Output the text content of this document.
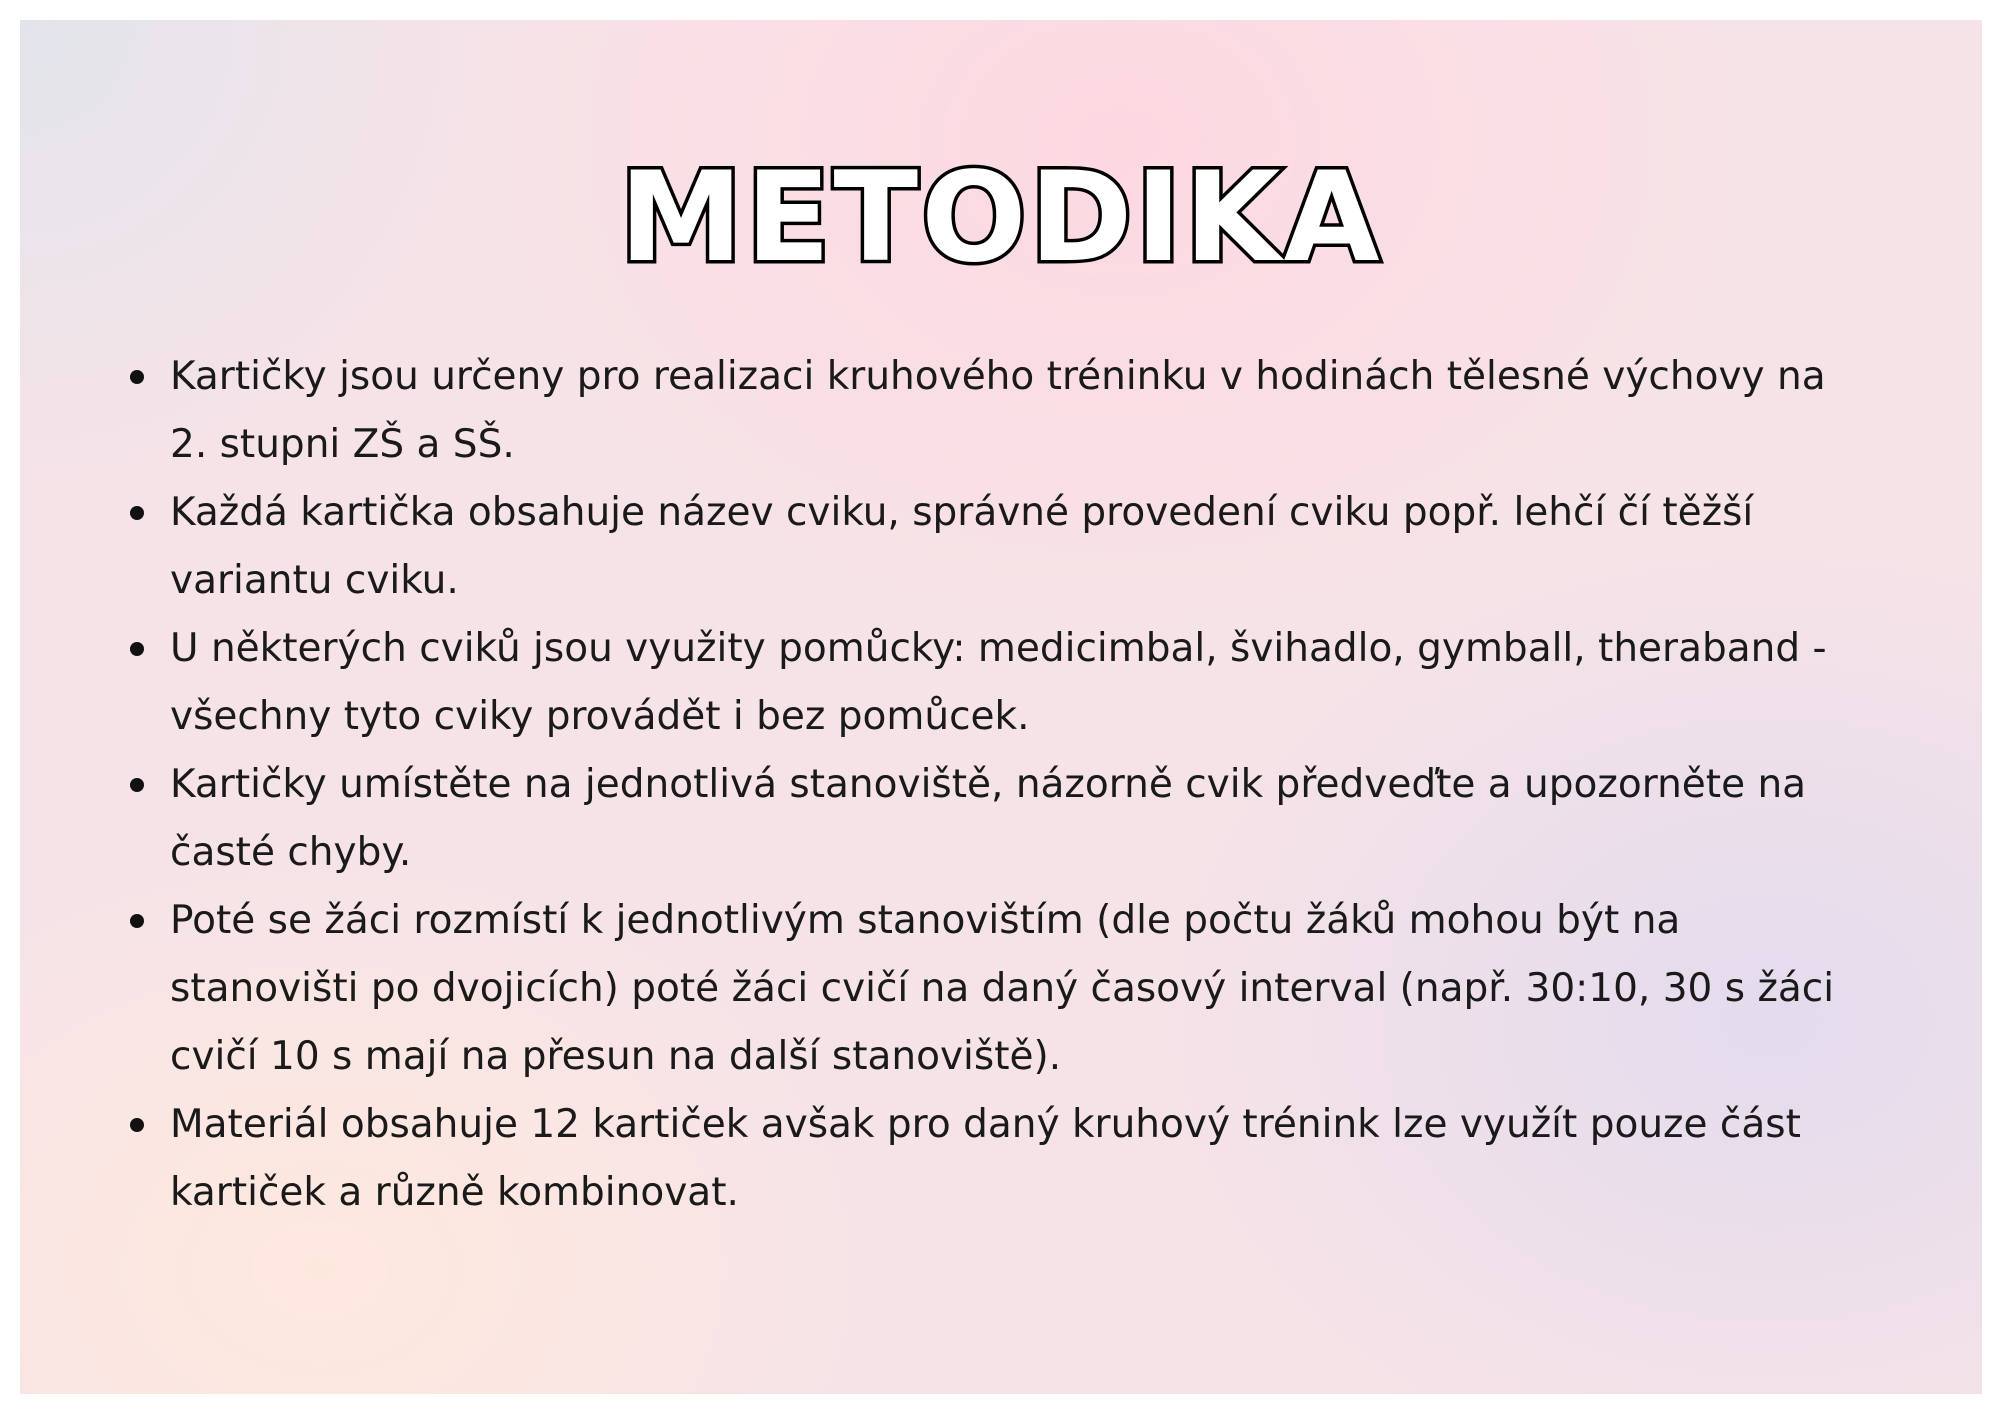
METODIKA
Kartičky jsou určeny pro realizaci kruhového tréninku v hodinách tělesné výchovy na
2. stupni ZŠ a SŠ.
Každá kartička obsahuje název cviku, správné provedení cviku popř. lehčí čí těžší
variantu cviku.
U některých cviků jsou využity pomůcky: medicimbal, švihadlo, gymball, theraband -
všechny tyto cviky provádět i bez pomůcek.
Kartičky umístěte na jednotlivá stanoviště, názorně cvik předveďte a upozorněte na
časté chyby.
Poté se žáci rozmístí k jednotlivým stanovištím (dle počtu žáků mohou být na
stanovišti po dvojicích) poté žáci cvičí na daný časový interval (např. 30:10, 30 s žáci
cvičí 10 s mají na přesun na další stanoviště).
Materiál obsahuje 12 kartiček avšak pro daný kruhový trénink lze využít pouze část
kartiček a různě kombinovat.
